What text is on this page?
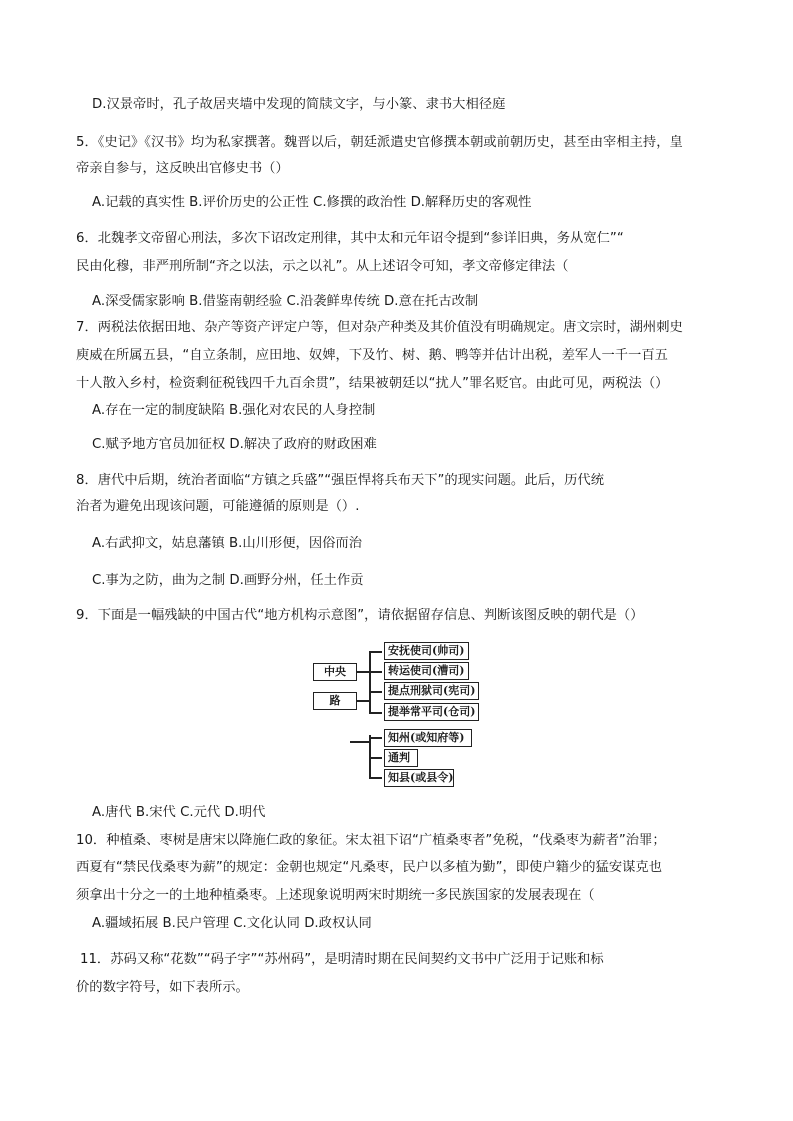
D.汉景帝时，孔子故居夹墙中发现的简牍文字，与小篆、隶书大相径庭
5．《史记》《汉书》均为私家撰著。魏晋以后，朝廷派遣史官修撰本朝或前朝历史，甚至由宰相主持，皇
帝亲自参与，这反映出官修史书（）
A.记载的真实性 B.评价历史的公正性 C.修撰的政治性 D.解释历史的客观性
6．北魏孝文帝留心刑法，多次下诏改定刑律，其中太和元年诏令提到“参详旧典，务从宽仁”“
民由化穆，非严刑所制“齐之以法，示之以礼”。从上述诏令可知，孝文帝修定律法（
A.深受儒家影响 B.借鉴南朝经验 C.沿袭鲜卑传统 D.意在托古改制
7．两税法依据田地、杂产等资产评定户等，但对杂产种类及其价值没有明确规定。唐文宗时，湖州刺史
庾威在所属五县，“自立条制，应田地、奴婢，下及竹、树、鹅、鸭等并估计出税，差军人一千一百五
十人散入乡村，检资剩征税钱四千九百余贯”，结果被朝廷以“扰人”罪名贬官。由此可见，两税法（）
A.存在一定的制度缺陷 B.强化对农民的人身控制
C.赋予地方官员加征权 D.解决了政府的财政困难
8．唐代中后期，统治者面临“方镇之兵盛”“强臣悍将兵布天下”的现实问题。此后，历代统
治者为避免出现该问题，可能遵循的原则是（）.
A.右武抑文，姑息藩镇 B.山川形便，因俗而治
C.事为之防，曲为之制 D.画野分州，任土作贡
9．下面是一幅残缺的中国古代“地方机构示意图”，请依据留存信息、判断该图反映的朝代是（）
中央
路
安抚使司(帅司)
转运使司(漕司)
提点刑狱司(宪司)
提举常平司(仓司)
知州(或知府等)
通判
知县(或县令)
A.唐代 B.宋代 C.元代 D.明代
10．种植桑、枣树是唐宋以降施仁政的象征。宋太祖下诏“广植桑枣者”免税，“伐桑枣为薪者”治罪；
西夏有“禁民伐桑枣为薪”的规定：金朝也规定“凡桑枣，民户以多植为勤”，即使户籍少的猛安谋克也
须拿出十分之一的土地种植桑枣。上述现象说明两宋时期统一多民族国家的发展表现在（
A.疆域拓展 B.民户管理 C.文化认同 D.政权认同
11．苏码又称“花数”“码子字”“苏州码”，是明清时期在民间契约文书中广泛用于记账和标
价的数字符号，如下表所示。
